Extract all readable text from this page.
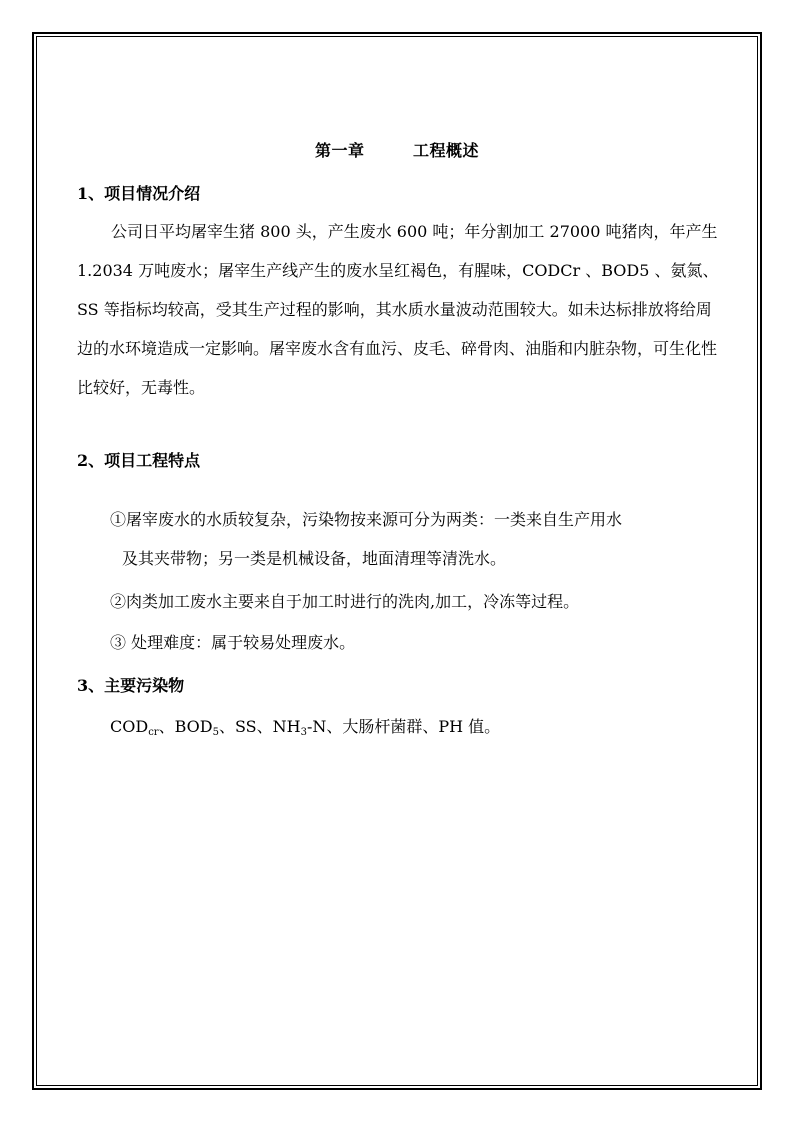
第一章        工程概述
1、项目情况介绍
公司日平均屠宰生猪 800 头，产生废水 600 吨；年分割加工 27000 吨猪肉，年产生 1.2034 万吨废水；屠宰生产线产生的废水呈红褐色，有腥味，CODCr 、BOD5 、氨氮、SS 等指标均较高，受其生产过程的影响，其水质水量波动范围较大。如未达标排放将给周边的水环境造成一定影响。屠宰废水含有血污、皮毛、碎骨肉、油脂和内脏杂物，可生化性比较好，无毒性。
2、项目工程特点
①屠宰废水的水质较复杂，污染物按来源可分为两类：一类来自生产用水
及其夹带物；另一类是机械设备，地面清理等清洗水。
②肉类加工废水主要来自于加工时进行的洗肉,加工，冷冻等过程。
③ 处理难度：属于较易处理废水。
3、主要污染物
$COD_{cr}$、$BOD_5$、SS、$NH_3-N$、大肠杆菌群、PH 值。
